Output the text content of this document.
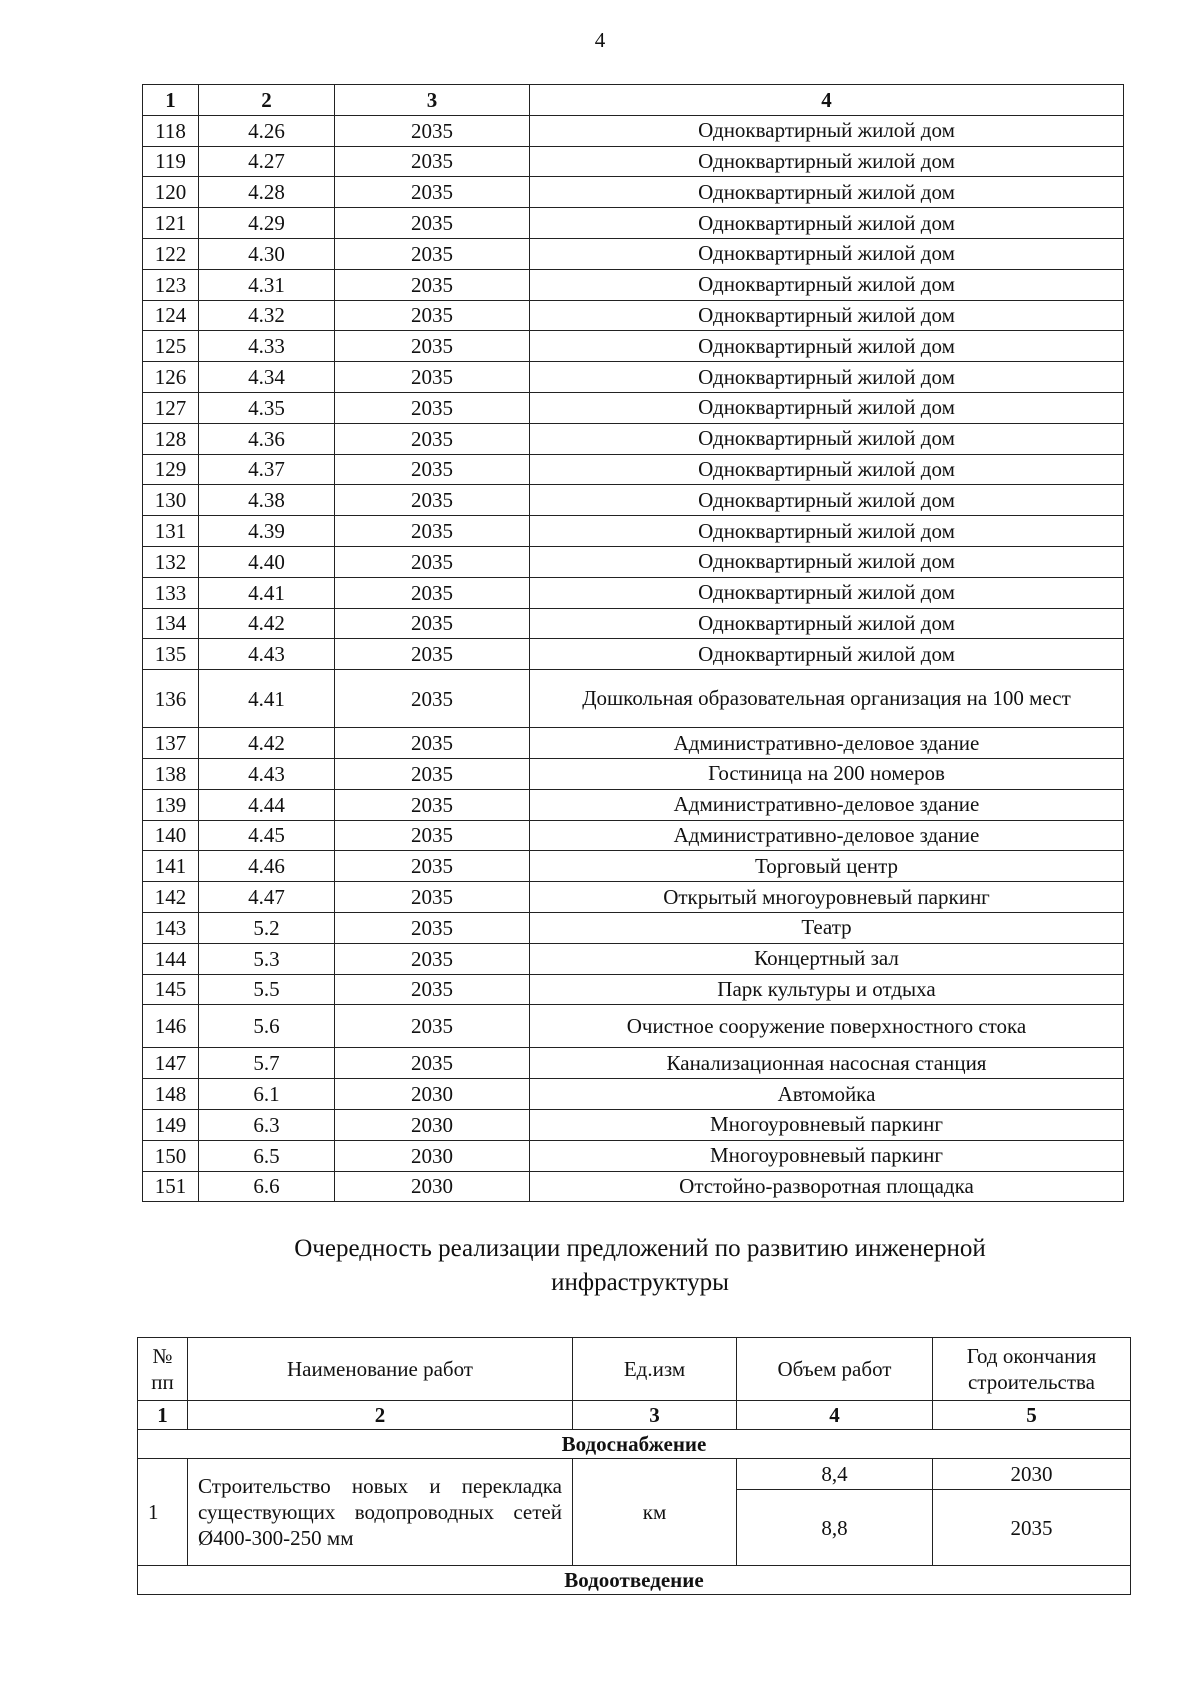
4
1	2	3	4
118	4.26	2035	Одноквартирный жилой дом
119	4.27	2035	Одноквартирный жилой дом
120	4.28	2035	Одноквартирный жилой дом
121	4.29	2035	Одноквартирный жилой дом
122	4.30	2035	Одноквартирный жилой дом
123	4.31	2035	Одноквартирный жилой дом
124	4.32	2035	Одноквартирный жилой дом
125	4.33	2035	Одноквартирный жилой дом
126	4.34	2035	Одноквартирный жилой дом
127	4.35	2035	Одноквартирный жилой дом
128	4.36	2035	Одноквартирный жилой дом
129	4.37	2035	Одноквартирный жилой дом
130	4.38	2035	Одноквартирный жилой дом
131	4.39	2035	Одноквартирный жилой дом
132	4.40	2035	Одноквартирный жилой дом
133	4.41	2035	Одноквартирный жилой дом
134	4.42	2035	Одноквартирный жилой дом
135	4.43	2035	Одноквартирный жилой дом
136	4.41	2035	Дошкольная образовательная организация на 100 мест
137	4.42	2035	Административно-деловое здание
138	4.43	2035	Гостиница на 200 номеров
139	4.44	2035	Административно-деловое здание
140	4.45	2035	Административно-деловое здание
141	4.46	2035	Торговый центр
142	4.47	2035	Открытый многоуровневый паркинг
143	5.2	2035	Театр
144	5.3	2035	Концертный зал
145	5.5	2035	Парк культуры и отдыха
146	5.6	2035	Очистное сооружение поверхностного стока
147	5.7	2035	Канализационная насосная станция
148	6.1	2030	Автомойка
149	6.3	2030	Многоуровневый паркинг
150	6.5	2030	Многоуровневый паркинг
151	6.6	2030	Отстойно-разворотная площадка
Очередность реализации предложений по развитию инженерной инфраструктуры
№ пп	Наименование работ	Ед.изм	Объем работ	Год окончания строительства
1	2	3	4	5
Водоснабжение				
1	Строительство новых и перекладка существующих водопроводных сетей Ø400-300-250 мм	км	8,4	2030
			8,8	2035
Водоотведение				
